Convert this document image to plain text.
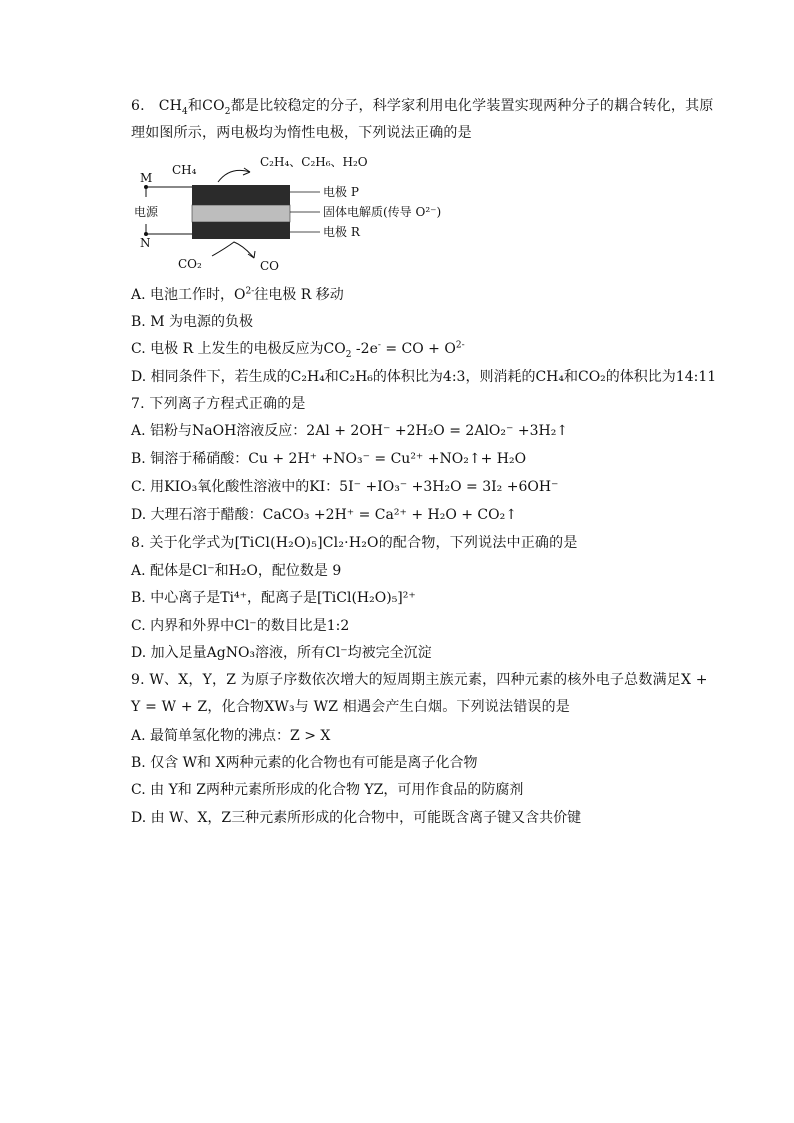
6. $CH_4$和$CO_2$都是比较稳定的分子，科学家利用电化学装置实现两种分子的耦合转化，其原
理如图所示，两电极均为惰性电极，下列说法正确的是
CH₄
C₂H₄、C₂H₆、H₂O
M
电源
N
电极 P
固体电解质(传导 O²⁻)
电极 R
CO₂	CO
A. 电池工作时，$O^{2-}$往电极 R 移动
B. M 为电源的负极
C. 电极 R 上发生的电极反应为$CO_2$ -2e- = CO + $O^{2-}$
D. 相同条件下，若生成的C₂H₄和C₂H₆的体积比为4:3，则消耗的CH₄和CO₂的体积比为14:11
7. 下列离子方程式正确的是
A. 铝粉与NaOH溶液反应：2Al + 2OH⁻ +2H₂O = 2AlO₂⁻ +3H₂↑
B. 铜溶于稀硝酸：Cu + 2H⁺ +NO₃⁻ = Cu²⁺ +NO₂↑+ H₂O
C. 用KIO₃氧化酸性溶液中的KI：5I⁻ +IO₃⁻ +3H₂O = 3I₂ +6OH⁻
D. 大理石溶于醋酸：CaCO₃ +2H⁺ = Ca²⁺ + H₂O + CO₂↑
8. 关于化学式为[TiCl(H₂O)₅]Cl₂·H₂O的配合物，下列说法中正确的是
A. 配体是Cl⁻和H₂O，配位数是 9
B. 中心离子是Ti⁴⁺，配离子是[TiCl(H₂O)₅]²⁺
C. 内界和外界中Cl⁻的数目比是1:2
D. 加入足量AgNO₃溶液，所有Cl⁻均被完全沉淀
9. W、X，Y，Z 为原子序数依次增大的短周期主族元素，四种元素的核外电子总数满足X +
Y = W + Z，化合物XW₃与 WZ 相遇会产生白烟。下列说法错误的是
A. 最简单氢化物的沸点：Z > X
B. 仅含 W和 X两种元素的化合物也有可能是离子化合物
C. 由 Y和 Z两种元素所形成的化合物 YZ，可用作食品的防腐剂
D. 由 W、X，Z三种元素所形成的化合物中，可能既含离子键又含共价键
